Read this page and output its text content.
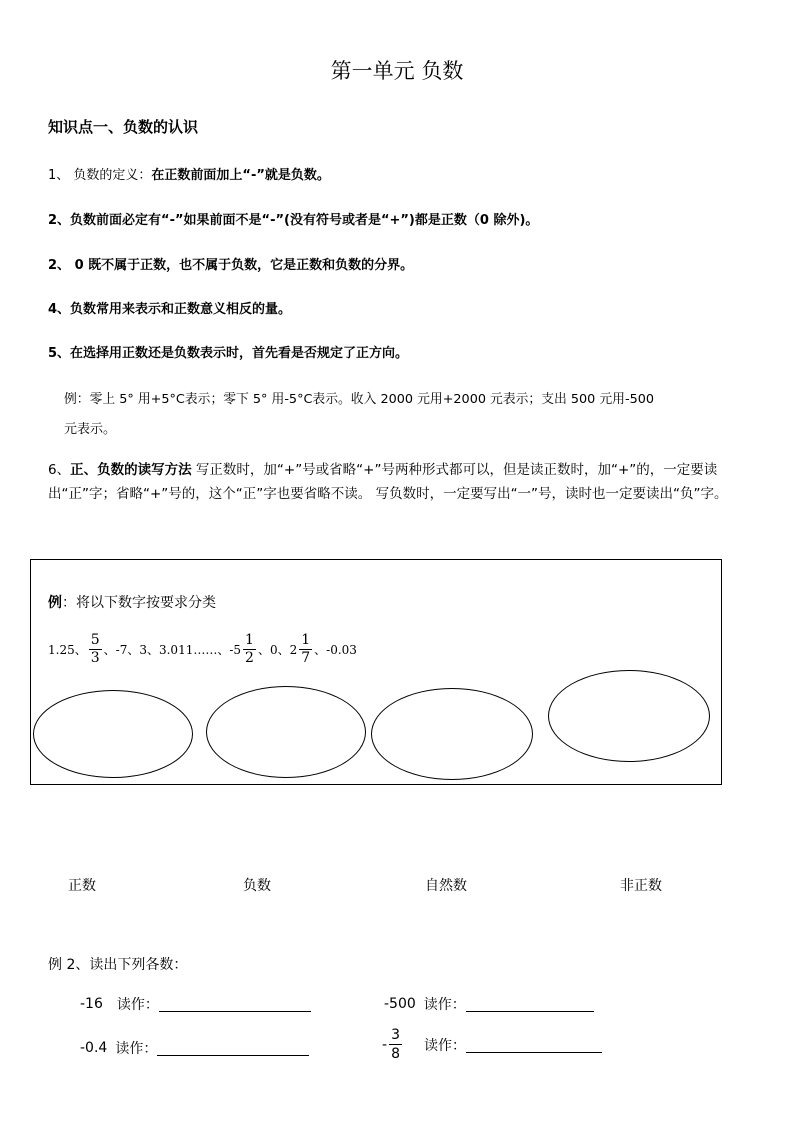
第一单元 负数
知识点一、负数的认识
1、 负数的定义：在正数前面加上“-”就是负数。
2、负数前面必定有“-”如果前面不是“-”(没有符号或者是“+”)都是正数（0 除外)。
2、 0 既不属于正数，也不属于负数，它是正数和负数的分界。
4、负数常用来表示和正数意义相反的量。
5、在选择用正数还是负数表示时，首先看是否规定了正方向。
例：零上 5° 用+5°C表示；零下 5° 用-5°C表示。收入 2000 元用+2000 元表示；支出 500 元用-500
元表示。
6、正、负数的读写方法 写正数时，加“+”号或省略“+”号两种形式都可以，但是读正数时，加“+”的，一定要读出“正”字；省略“+”号的，这个“正”字也要省略不读。 写负数时，一定要写出“一”号，读时也一定要读出“负”字。
例：将以下数字按要求分类
1.25、 $\frac{5}{3}$ 、-7、3、3.011……、$-5 \frac{1}{2}$ 、0、$2 \frac{1}{7}$ 、-0.03
正数	负数	自然数	非正数
例 2、读出下列各数：
-16 读作：	-500 读作：
-0.4 读作：	- $\frac{3}{8}$ 读作：
